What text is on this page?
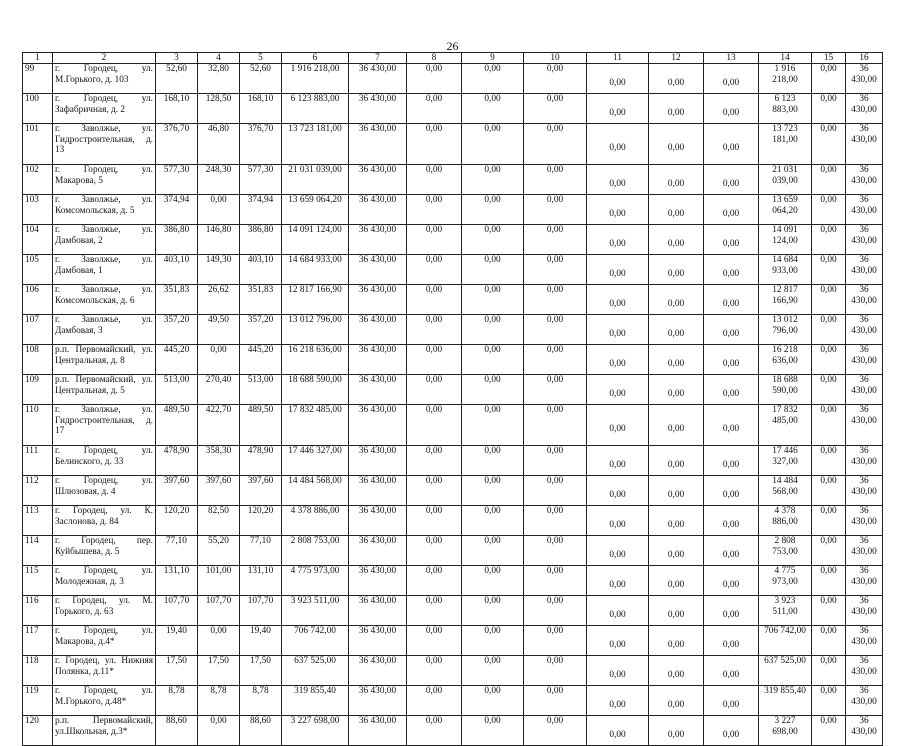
26
1	2	3	4	5	6	7	8	9	10	11	12	13	14	15	16
99	г. Городец, ул. М.Горького, д. 103	52,60	32,80	52,60	1 916 218,00	36 430,00	0,00	0,00	0,00	0,00	0,00	0,00	1 916 218,00	0,00	36 430,00
100	г. Городец, ул. Зафабричная, д. 2	168,10	128,50	168,10	6 123 883,00	36 430,00	0,00	0,00	0,00	0,00	0,00	0,00	6 123 883,00	0,00	36 430,00
101	г. Заволжье, ул. Гидростроительная, д. 13	376,70	46,80	376,70	13 723 181,00	36 430,00	0,00	0,00	0,00	0,00	0,00	0,00	13 723 181,00	0,00	36 430,00
102	г. Городец, ул. Макарова, 5	577,30	248,30	577,30	21 031 039,00	36 430,00	0,00	0,00	0,00	0,00	0,00	0,00	21 031 039,00	0,00	36 430,00
103	г. Заволжье, ул. Комсомольская, д. 5	374,94	0,00	374,94	13 659 064,20	36 430,00	0,00	0,00	0,00	0,00	0,00	0,00	13 659 064,20	0,00	36 430,00
104	г. Заволжье, ул. Дамбовая, 2	386,80	146,80	386,80	14 091 124,00	36 430,00	0,00	0,00	0,00	0,00	0,00	0,00	14 091 124,00	0,00	36 430,00
105	г. Заволжье, ул. Дамбовая, 1	403,10	149,30	403,10	14 684 933,00	36 430,00	0,00	0,00	0,00	0,00	0,00	0,00	14 684 933,00	0,00	36 430,00
106	г. Заволжье, ул. Комсомольская, д. 6	351,83	26,62	351,83	12 817 166,90	36 430,00	0,00	0,00	0,00	0,00	0,00	0,00	12 817 166,90	0,00	36 430,00
107	г. Заволжье, ул. Дамбовая, 3	357,20	49,50	357,20	13 012 796,00	36 430,00	0,00	0,00	0,00	0,00	0,00	0,00	13 012 796,00	0,00	36 430,00
108	р.п. Первомайский, ул. Центральная, д. 8	445,20	0,00	445,20	16 218 636,00	36 430,00	0,00	0,00	0,00	0,00	0,00	0,00	16 218 636,00	0,00	36 430,00
109	р.п. Первомайский, ул. Центральная, д. 5	513,00	270,40	513,00	18 688 590,00	36 430,00	0,00	0,00	0,00	0,00	0,00	0,00	18 688 590,00	0,00	36 430,00
110	г. Заволжье, ул. Гидростроительная, д. 17	489,50	422,70	489,50	17 832 485,00	36 430,00	0,00	0,00	0,00	0,00	0,00	0,00	17 832 485,00	0,00	36 430,00
111	г. Городец, ул. Белинского, д. 33	478,90	358,30	478,90	17 446 327,00	36 430,00	0,00	0,00	0,00	0,00	0,00	0,00	17 446 327,00	0,00	36 430,00
112	г. Городец, ул. Шлюзовая, д. 4	397,60	397,60	397,60	14 484 568,00	36 430,00	0,00	0,00	0,00	0,00	0,00	0,00	14 484 568,00	0,00	36 430,00
113	г. Городец, ул. К. Заслонова, д. 84	120,20	82,50	120,20	4 378 886,00	36 430,00	0,00	0,00	0,00	0,00	0,00	0,00	4 378 886,00	0,00	36 430,00
114	г. Городец, пер. Куйбышева, д. 5	77,10	55,20	77,10	2 808 753,00	36 430,00	0,00	0,00	0,00	0,00	0,00	0,00	2 808 753,00	0,00	36 430,00
115	г. Городец, ул. Молодежная, д. 3	131,10	101,00	131,10	4 775 973,00	36 430,00	0,00	0,00	0,00	0,00	0,00	0,00	4 775 973,00	0,00	36 430,00
116	г. Городец, ул. М. Горького, д. 63	107,70	107,70	107,70	3 923 511,00	36 430,00	0,00	0,00	0,00	0,00	0,00	0,00	3 923 511,00	0,00	36 430,00
117	г. Городец, ул. Макарова, д.4*	19,40	0,00	19,40	706 742,00	36 430,00	0,00	0,00	0,00	0,00	0,00	0,00	706 742,00	0,00	36 430,00
118	г. Городец, ул. Нижняя Полянка, д.11*	17,50	17,50	17,50	637 525,00	36 430,00	0,00	0,00	0,00	0,00	0,00	0,00	637 525,00	0,00	36 430,00
119	г. Городец, ул. М.Горького, д.48*	8,78	8,78	8,78	319 855,40	36 430,00	0,00	0,00	0,00	0,00	0,00	0,00	319 855,40	0,00	36 430,00
120	р.п. Первомайский, ул.Школьная, д.3*	88,60	0,00	88,60	3 227 698,00	36 430,00	0,00	0,00	0,00	0,00	0,00	0,00	3 227 698,00	0,00	36 430,00
